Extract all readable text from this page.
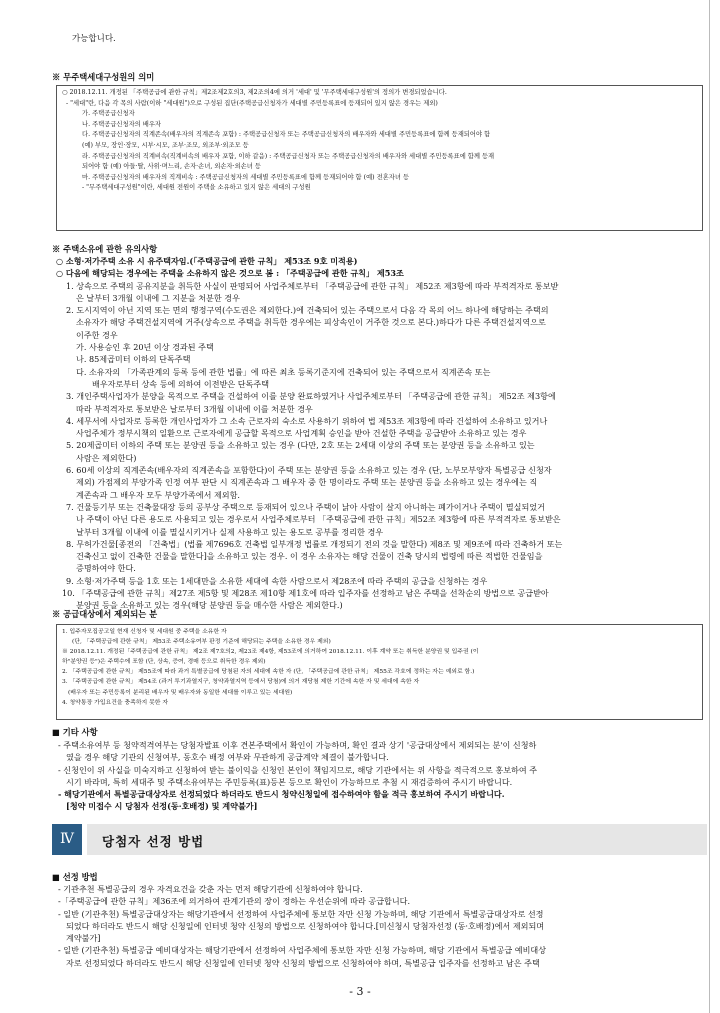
가능합니다.
※ 무주택세대구성원의 의미
○ 2018.12.11. 개정된 「주택공급에 관한 규칙」제2조제2호의3, 제2조의4에 의거 '세대' 및 '무주택세대구성원'의 정의가 변경되었습니다.
- "세대"란, 다음 각 목의 사람(이하 "세대원")으로 구성된 집단(주택공급신청자가 세대별 주민등록표에 등재되어 있지 않은 경우는 제외)
가. 주택공급신청자
나. 주택공급신청자의 배우자
다. 주택공급신청자의 직계존속(배우자의 직계존속 포함) : 주택공급신청자 또는 주택공급신청자의 배우자와 세대별 주민등록표에 함께 등재되어야 함
(예) 부모, 장인·장모, 시부·시모, 조부·조모, 외조부·외조모 등
라. 주택공급신청자의 직계비속(직계비속의 배우자 포함, 이하 같음) : 주택공급신청자 또는 주택공급신청자의 배우자와 세대별 주민등록표에 함께 등재
되어야 함 (예) 아들·딸, 사위·며느리, 손자·손녀, 외손자·외손녀 등
마. 주택공급신청자의 배우자의 직계비속 : 주택공급신청자의 세대별 주민등록표에 함께 등재되어야 함 (예) 전혼자녀 등
- "무주택세대구성원"이란, 세대원 전원이 주택을 소유하고 있지 않은 세대의 구성원
※ 주택소유에 관한 유의사항
○ 소형·저가주택 소유 시 유주택자임.(「주택공급에 관한 규칙」 제53조 9호 미적용)
○ 다음에 해당되는 경우에는 주택을 소유하지 않은 것으로 봄 : 「주택공급에 관한 규칙」 제53조
1. 상속으로 주택의 공유지분을 취득한 사실이 판명되어 사업주체로부터 「주택공급에 관한 규칙」 제52조 제3항에 따라 부적격자로 통보받
은 날부터 3개월 이내에 그 지분을 처분한 경우
2. 도시지역이 아닌 지역 또는 면의 행정구역(수도권은 제외한다.)에 건축되어 있는 주택으로서 다음 각 목의 어느 하나에 해당하는 주택의
소유자가 해당 주택건설지역에 거주(상속으로 주택을 취득한 경우에는 피상속인이 거주한 것으로 본다.)하다가 다른 주택건설지역으로
이주한 경우
가. 사용승인 후 20년 이상 경과된 주택
나. 85제곱미터 이하의 단독주택
다. 소유자의 「가족관계의 등록 등에 관한 법률」에 따른 최초 등록기준지에 건축되어 있는 주택으로서 직계존속 또는
배우자로부터 상속 등에 의하여 이전받은 단독주택
3. 개인주택사업자가 분양을 목적으로 주택을 건설하여 이를 분양 완료하였거나 사업주체로부터 「주택공급에 관한 규칙」 제52조 제3항에
따라 부적격자로 통보받은 날로부터 3개월 이내에 이를 처분한 경우
4. 세무서에 사업자로 등록한 개인사업자가 그 소속 근로자의 숙소로 사용하기 위하여 법 제53조 제3항에 따라 건설하여 소유하고 있거나
사업주체가 정부시책의 일환으로 근로자에게 공급할 목적으로 사업계획 승인을 받아 건설한 주택을 공급받아 소유하고 있는 경우
5. 20제곱미터 이하의 주택 또는 분양권 등을 소유하고 있는 경우 (다만, 2호 또는 2세대 이상의 주택 또는 분양권 등을 소유하고 있는
사람은 제외한다)
6. 60세 이상의 직계존속(배우자의 직계존속을 포함한다)이 주택 또는 분양권 등을 소유하고 있는 경우 (단, 노부모부양자 특별공급 신청자
제외) 가점제의 부양가족 인정 여부 판단 시 직계존속과 그 배우자 중 한 명이라도 주택 또는 분양권 등을 소유하고 있는 경우에는 직
계존속과 그 배우자 모두 부양가족에서 제외함.
7. 건물등기부 또는 건축물대장 등의 공부상 주택으로 등재되어 있으나 주택이 낡아 사람이 살지 아니하는 폐가이거나 주택이 멸실되었거
나 주택이 아닌 다른 용도로 사용되고 있는 경우로서 사업주체로부터 「주택공급에 관한 규칙」제52조 제3항에 따른 부적격자로 통보받은
날부터 3개월 이내에 이를 멸실시키거나 실제 사용하고 있는 용도로 공부를 정리한 경우
8. 무허가건물[종전의 「건축법」(법률 제7696호 건축법 일부개정 법률로 개정되기 전의 것을 말한다) 제8조 및 제9조에 따라 건축하거 또는
건축신고 없이 건축한 건물을 말한다]을 소유하고 있는 경우. 이 경우 소유자는 해당 건물이 건축 당시의 법령에 따른 적법한 건물임을
증명하여야 한다.
9. 소형·저가주택 등을 1호 또는 1세대만을 소유한 세대에 속한 사람으로서 제28조에 따라 주택의 공급을 신청하는 경우
10. 「주택공급에 관한 규칙」제27조 제5항 및 제28조 제10항 제1호에 따라 입주자를 선정하고 남은 주택을 선착순의 방법으로 공급받아
분양권 등을 소유하고 있는 경우(해당 분양권 등을 매수한 사람은 제외한다.)
※ 공급대상에서 제외되는 분
1. 입주자모집공고일 현재 신청자 및 세대원 중 주택을 소유한 자
(단, 「주택공급에 관한 규칙」 제53조 주택소유여부 판정 기준에 해당되는 주택을 소유한 경우 제외)
※ 2018.12.11. 개정된「주택공급에 관한 규칙」 제2조 제7호의2, 제23조 제4항, 제53조에 의거하여 2018.12.11. 이후 계약 또는 취득한 분양권 및 입주권 (이
하"분양권 등")은 주택수에 포함 (단, 상속, 증여, 경매 등으로 취득한 경우 제외)
2. 「주택공급에 관한 규칙」 제55조에 따라 과거 특별공급에 당첨된 자의 세대에 속한 자 (단, 「주택공급에 관한 규칙」 제55조 각호에 정하는 자는 예외로 함.)
3. 「주택공급에 관한 규칙」 제54조 (과거 투기과열지구, 청약과열지역 등에서 당첨)에 의거 재당첨 제한 기간에 속한 자 및 세대에 속한 자
(배우자 또는 주민등록이 분리된 배우자 및 배우자와 동일한 세대를 이루고 있는 세대원)
4. 청약통장 가입요건을 충족하지 못한 자
■ 기타 사항
- 주택소유여부 등 청약적격여부는 당첨자발표 이후 견본주택에서 확인이 가능하며, 확인 결과 상기 '공급대상에서 제외되는 분'이 신청하
였을 경우 해당 기관의 신청여부, 동호수 배정 여부와 무관하게 공급계약 체결이 불가합니다.
- 신청인이 위 사실을 미숙지하고 신청하여 받는 불이익을 신청인 본인이 책임지므로, 해당 기관에서는 위 사항을 적극적으로 홍보하여 주
시기 바라며, 특히 세대주 및 주택소유여부는 주민등록(표)등본 등으로 확인이 가능하므로 추첨 시 재검증하여 주시기 바랍니다.
- 해당기관에서 특별공급대상자로 선정되었다 하더라도 반드시 청약신청일에 접수하여야 함을 적극 홍보하여 주시기 바랍니다.
[청약 미접수 시 당첨자 선정(동·호배정) 및 계약불가]
Ⅳ	당첨자 선정 방법
■ 선정 방법
- 기관추천 특별공급의 경우 자격요건을 갖춘 자는 먼저 해당기관에 신청하여야 합니다.
-「주택공급에 관한 규칙」제36조에 의거하여 관계기관의 장이 정하는 우선순위에 따라 공급합니다.
- 일반 (기관추천) 특별공급대상자는 해당기관에서 선정하여 사업주체에 통보한 자만 신청 가능하며, 해당 기관에서 특별공급대상자로 선정
되었다 하더라도 반드시 해당 신청일에 인터넷 청약 신청의 방법으로 신청하여야 합니다.[미신청시 당첨자선정 (동·호배정)에서 제외되며
계약불가]
- 일반 (기관추천) 특별공급 예비대상자는 해당기관에서 선정하여 사업주체에 통보한 자만 신청 가능하며, 해당 기관에서 특별공급 예비대상
자로 선정되었다 하더라도 반드시 해당 신청일에 인터넷 청약 신청의 방법으로 신청하여야 하며, 특별공급 입주자를 선정하고 남은 주택
- 3 -
